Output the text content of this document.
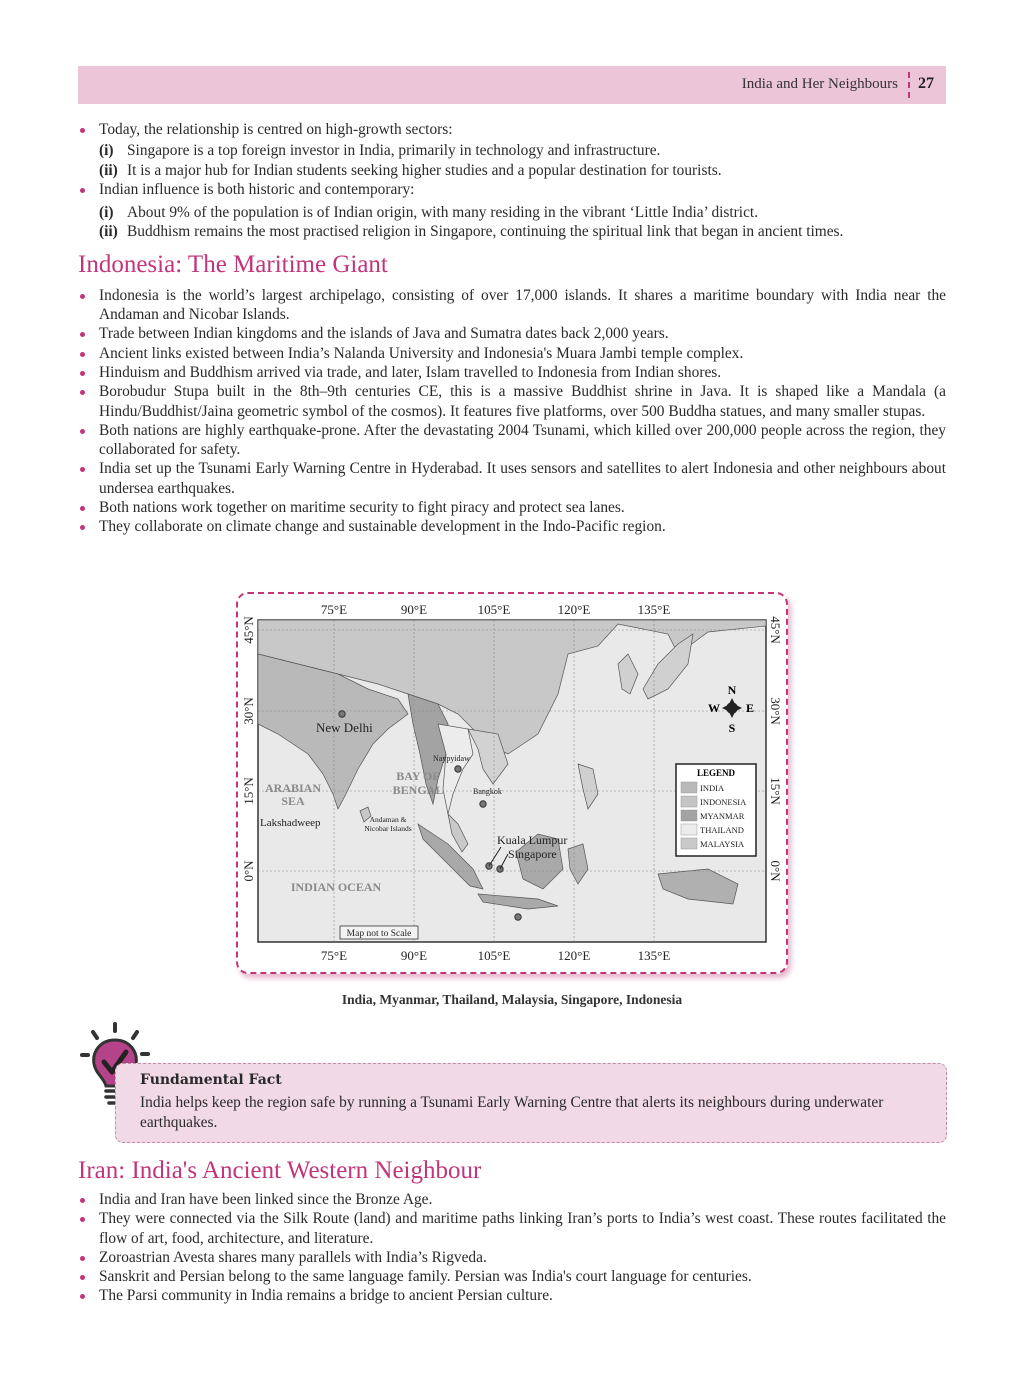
India and Her Neighbours 27
Today, the relationship is centred on high-growth sectors:
(i) Singapore is a top foreign investor in India, primarily in technology and infrastructure.
(ii) It is a major hub for Indian students seeking higher studies and a popular destination for tourists.
Indian influence is both historic and contemporary:
(i) About 9% of the population is of Indian origin, with many residing in the vibrant ‘Little India’ district.
(ii) Buddhism remains the most practised religion in Singapore, continuing the spiritual link that began in ancient times.
Indonesia: The Maritime Giant
Indonesia is the world’s largest archipelago, consisting of over 17,000 islands. It shares a maritime boundary with India near the Andaman and Nicobar Islands.
Trade between Indian kingdoms and the islands of Java and Sumatra dates back 2,000 years.
Ancient links existed between India’s Nalanda University and Indonesia's Muara Jambi temple complex.
Hinduism and Buddhism arrived via trade, and later, Islam travelled to Indonesia from Indian shores.
Borobudur Stupa built in the 8th–9th centuries CE, this is a massive Buddhist shrine in Java. It is shaped like a Mandala (a Hindu/Buddhist/Jaina geometric symbol of the cosmos). It features five platforms, over 500 Buddha statues, and many smaller stupas.
Both nations are highly earthquake-prone. After the devastating 2004 Tsunami, which killed over 200,000 people across the region, they collaborated for safety.
India set up the Tsunami Early Warning Centre in Hyderabad. It uses sensors and satellites to alert Indonesia and other neighbours about undersea earthquakes.
Both nations work together on maritime security to fight piracy and protect sea lanes.
They collaborate on climate change and sustainable development in the Indo-Pacific region.
75°E	90°E	105°E	120°E	135°E
75°E	90°E	105°E	120°E	135°E
45°N
30°N
15°N
0°N
45°N
30°N
15°N
0°N
New Delhi
Naypyidaw
Bangkok
Kuala Lumpur
Singapore
Lakshadweep	Andaman &
Nicobar Islands
ARABIAN
SEA
BAY OF
BENGAL
INDIAN OCEAN
N
S
W E
LEGEND
INDIA
INDONESIA
MYANMAR
THAILAND
MALAYSIA
Map not to Scale
India, Myanmar, Thailand, Malaysia, Singapore, Indonesia
Fundamental Fact
India helps keep the region safe by running a Tsunami Early Warning Centre that alerts its neighbours during underwater earthquakes.
Iran: India's Ancient Western Neighbour
India and Iran have been linked since the Bronze Age.
They were connected via the Silk Route (land) and maritime paths linking Iran’s ports to India’s west coast. These routes facilitated the flow of art, food, architecture, and literature.
Zoroastrian Avesta shares many parallels with India’s Rigveda.
Sanskrit and Persian belong to the same language family. Persian was India's court language for centuries.
The Parsi community in India remains a bridge to ancient Persian culture.
